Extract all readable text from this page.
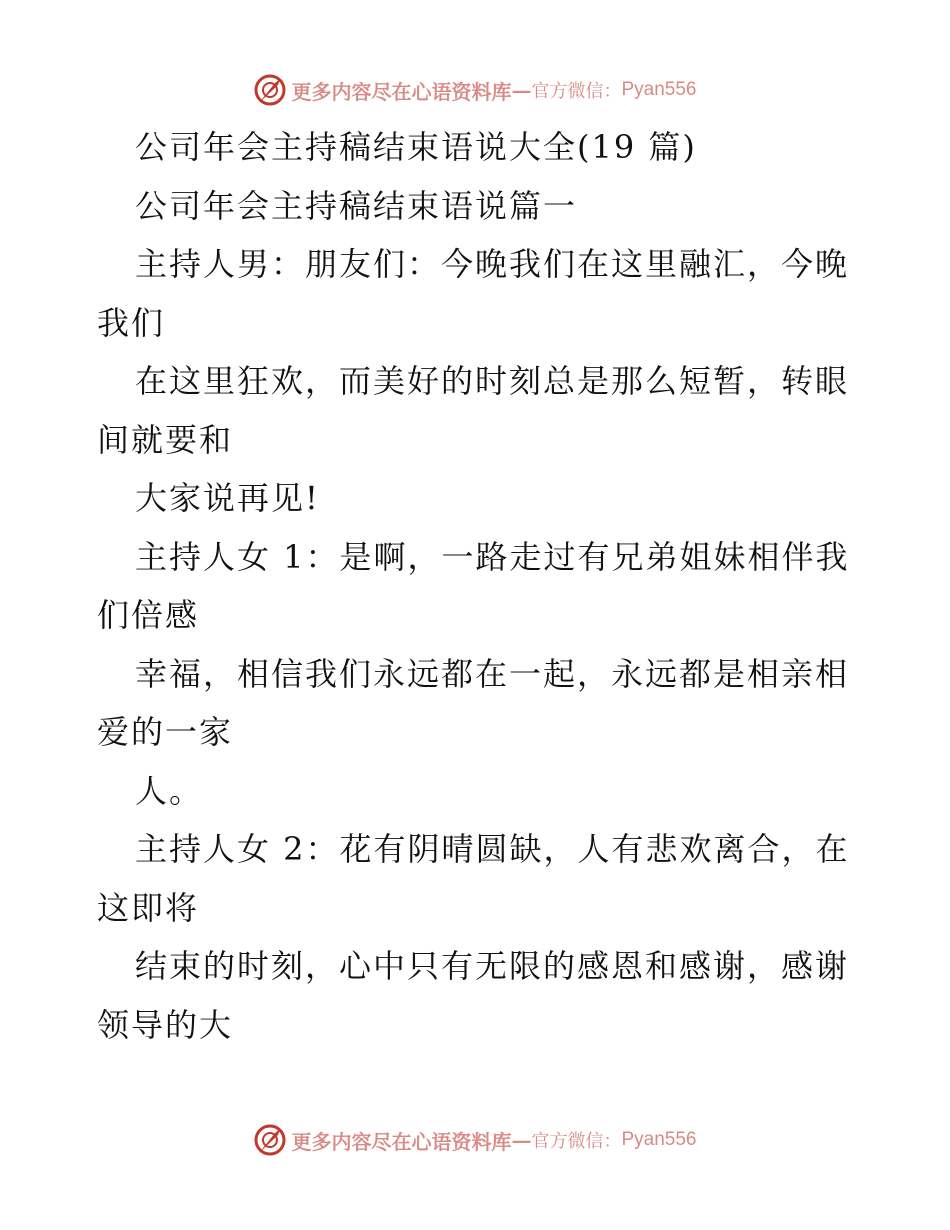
更多内容尽在心语资料库 — 官方微信： Pyan556
公司年会主持稿结束语说大全(19 篇)
公司年会主持稿结束语说篇一
主持人男：朋友们：今晚我们在这里融汇，今晚
我们
在这里狂欢，而美好的时刻总是那么短暂，转眼
间就要和
大家说再见!
主持人女 1：是啊，一路走过有兄弟姐妹相伴我
们倍感
幸福，相信我们永远都在一起，永远都是相亲相
爱的一家
人。
主持人女 2：花有阴晴圆缺，人有悲欢离合，在
这即将
结束的时刻，心中只有无限的感恩和感谢，感谢
领导的大
更多内容尽在心语资料库 — 官方微信： Pyan556
